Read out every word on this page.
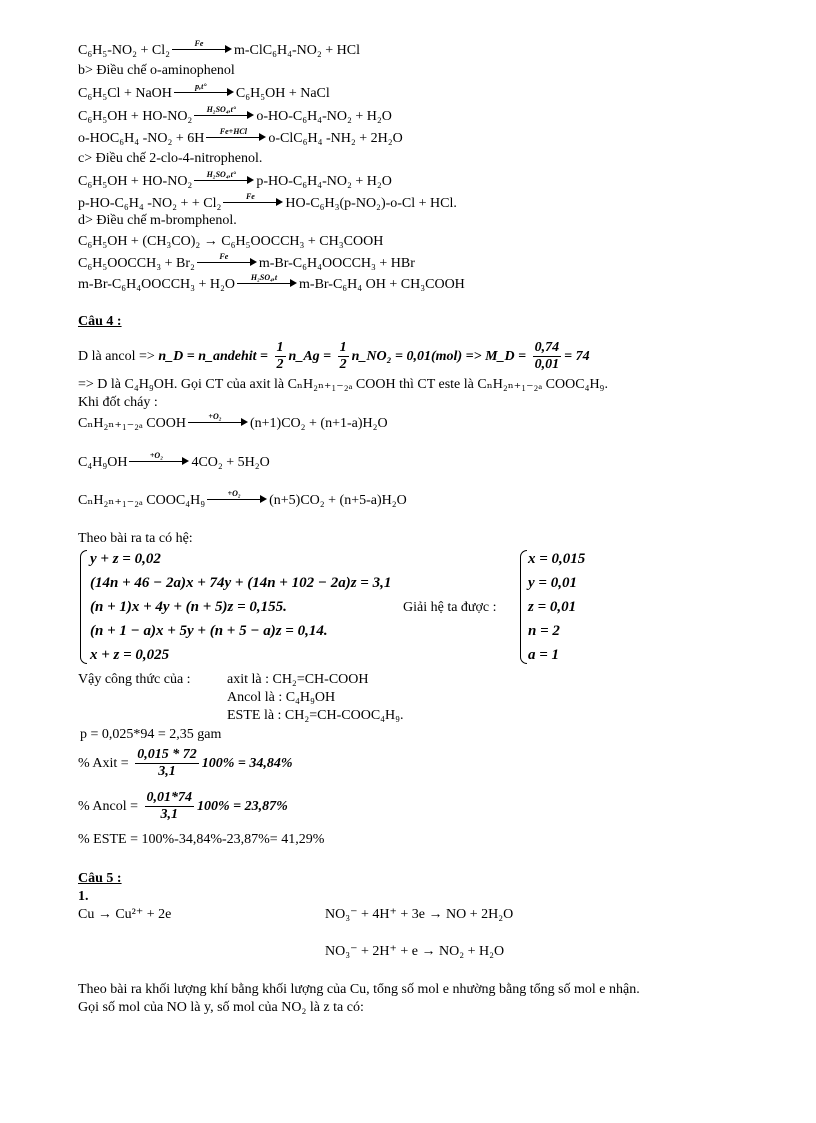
C₆H₅-NO₂ + Cl₂	Fe	m-ClC₆H₄-NO₂ + HCl
b> Điều chế o-aminophenol
C₆H₅Cl + NaOH	p,t°	C₆H₅OH + NaCl
C₆H₅OH + HO-NO₂	H₂SO₄,t°	o-HO-C₆H₄-NO₂ + H₂O
o-HOC₆H₄ -NO₂ + 6H	Fe+HCl	o-ClC₆H₄ -NH₂ + 2H₂O
c> Điều chế 2-clo-4-nitrophenol.
C₆H₅OH + HO-NO₂	H₂SO₄,t°	p-HO-C₆H₄-NO₂ + H₂O
p-HO-C₆H₄ -NO₂ + + Cl₂	Fe	HO-C₆H₃(p-NO₂)-o-Cl + HCl.
d> Điều chế m-bromphenol.
C₆H₅OH + (CH₃CO)₂ → C₆H₅OOCCH₃ + CH₃COOH
C₆H₅OOCCH₃ + Br₂	Fe	m-Br-C₆H₄OOCCH₃ + HBr
m-Br-C₆H₄OOCCH₃ + H₂O	H₂SO₄,t	m-Br-C₆H₄ OH + CH₃COOH
Câu 4 :
D là ancol => n_D = n_andehit = $\frac{1}{2}$ n_Ag = $\frac{1}{2}$ n_NO₂ = 0,01(mol) => M_D = $\frac{0,74}{0,01} = 74$
=> D là C₄H₉OH. Gọi CT của axit là CₙH₂ₙ₊₁₋₂ₐ COOH thì CT este là CₙH₂ₙ₊₁₋₂ₐ COOC₄H₉.
Khi đốt cháy :
CₙH₂ₙ₊₁₋₂ₐ COOH	+O₂	(n+1)CO₂ + (n+1-a)H₂O
C₄H₉OH	+O₂	4CO₂ + 5H₂O
CₙH₂ₙ₊₁₋₂ₐ COOC₄H₉	+O₂	(n+5)CO₂ + (n+5-a)H₂O
Theo bài ra ta có hệ:
y + z = 0,02
(14n + 46 − 2a)x + 74y + (14n + 102 − 2a)z = 3,1
(n + 1)x + 4y + (n + 5)z = 0,155.
(n + 1 − a)x + 5y + (n + 5 − a)z = 0,14.
x + z = 0,025
Giải hệ ta được :
x = 0,015
y = 0,01
z = 0,01
n = 2
a = 1
Vậy công thức của :	axit là : CH₂=CH-COOH
Ancol là : C₄H₉OH
ESTE là : CH₂=CH-COOC₄H₉.
p = 0,025*94 = 2,35 gam
% Axit = $\frac{0,015 * 72}{3,1} 100\% = 34,84\%$
% Ancol = $\frac{0,01*74}{3,1} 100\% = 23,87\%$
% ESTE = 100%-34,84%-23,87%= 41,29%
Câu 5 :
1.
Cu → Cu²⁺ + 2e	NO₃⁻ + 4H⁺ + 3e → NO + 2H₂O
NO₃⁻ + 2H⁺ + e → NO₂ + H₂O
Theo bài ra khối lượng khí bằng khối lượng của Cu, tổng số mol e nhường bằng tổng số mol e nhận.
Gọi số mol của NO là y, số mol của NO₂ là z ta có:
